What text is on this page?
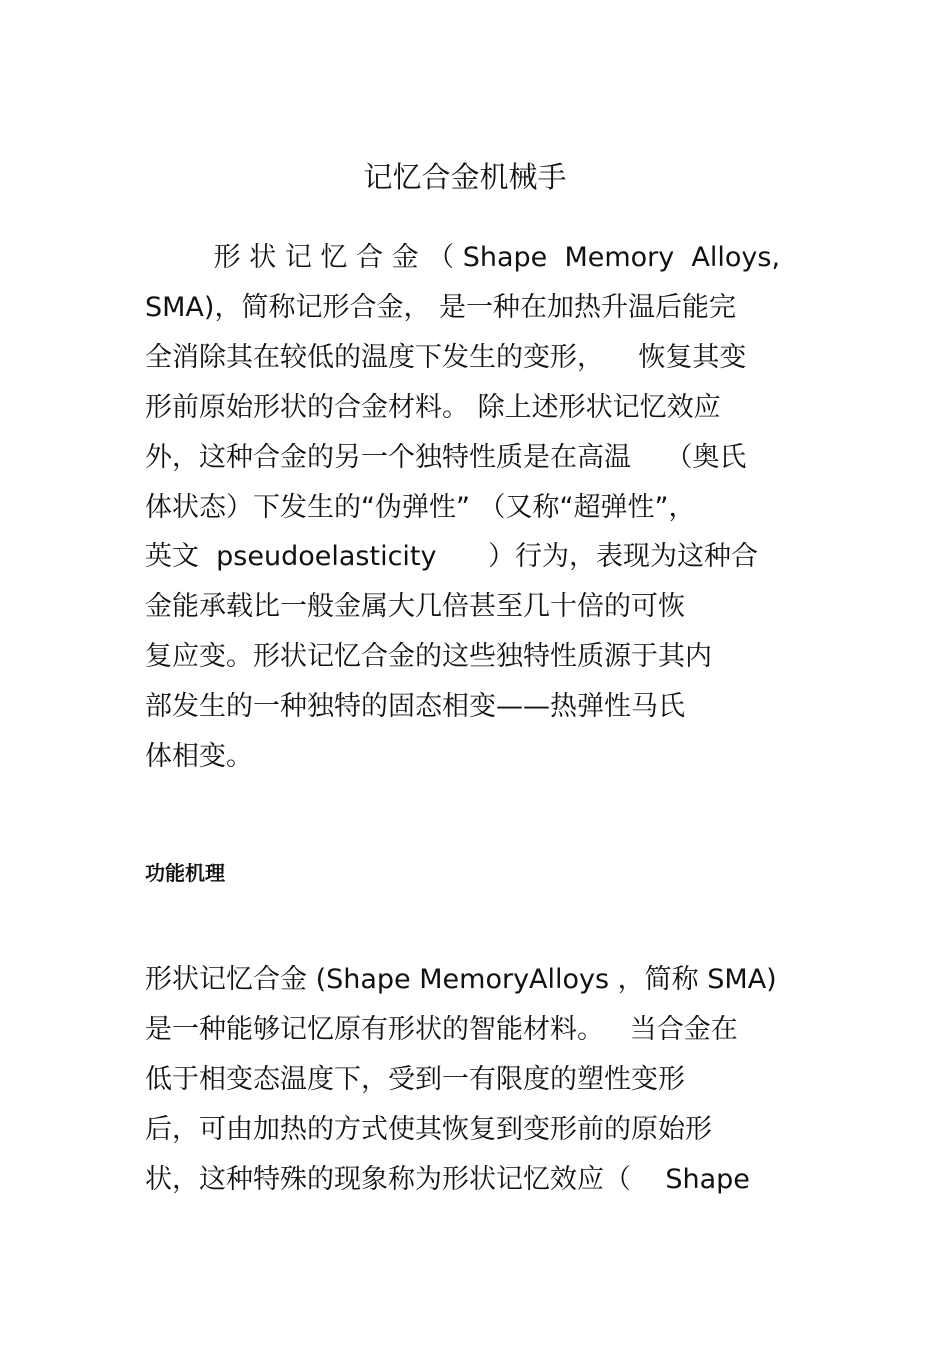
记忆合金机械手

形 状 记 忆 合 金 （ Shape  Memory  Alloys,

SMA)，简称记形合金， 是一种在加热升温后能完

全消除其在较低的温度下发生的变形，    恢复其变

形前原始形状的合金材料。 除上述形状记忆效应

外，这种合金的另一个独特性质是在高温    （奥氏

体状态）下发生的“伪弹性” （又称“超弹性”，

英文  pseudoelasticity      ）行为，表现为这种合

金能承载比一般金属大几倍甚至几十倍的可恢

复应变。形状记忆合金的这些独特性质源于其内

部发生的一种独特的固态相变——热弹性马氏

体相变。

功能机理

形状记忆合金 (Shape MemoryAlloys ，简称 SMA)

是一种能够记忆原有形状的智能材料。   当合金在

低于相变态温度下，受到一有限度的塑性变形

后，可由加热的方式使其恢复到变形前的原始形

状，这种特殊的现象称为形状记忆效应（    Shape
